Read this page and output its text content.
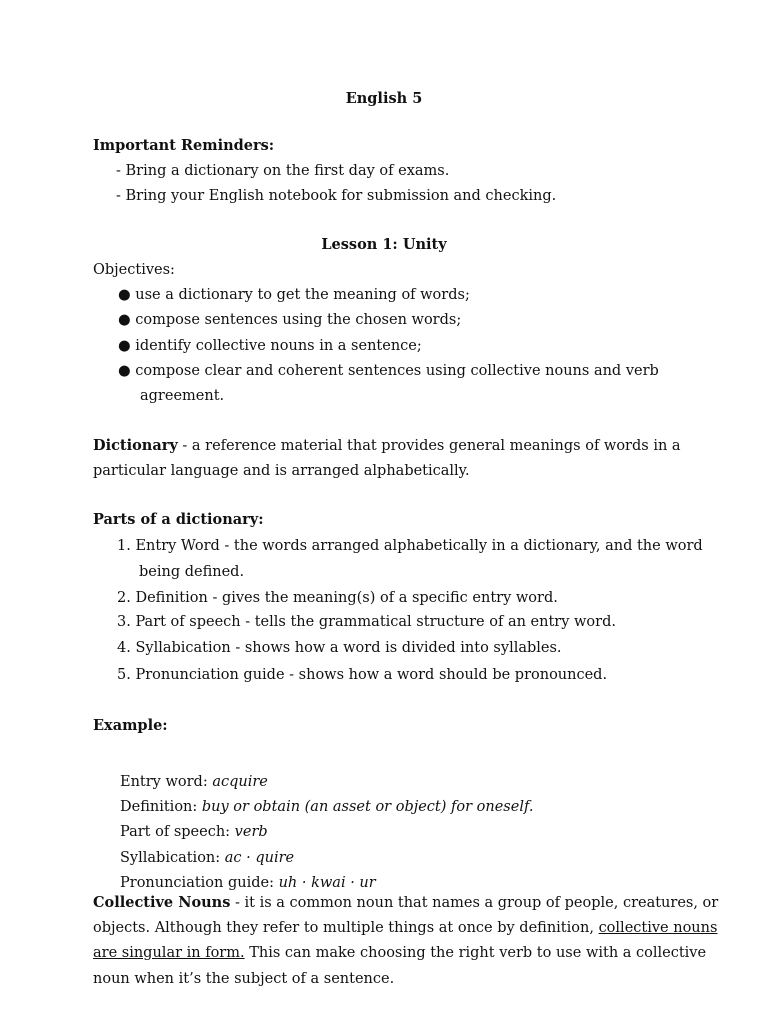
English 5
Important Reminders:
- Bring a dictionary on the first day of exams.
- Bring your English notebook for submission and checking.
Lesson 1: Unity
Objectives:
● use a dictionary to get the meaning of words;
● compose sentences using the chosen words;
● identify collective nouns in a sentence;
● compose clear and coherent sentences using collective nouns and verb
agreement.
Dictionary - a reference material that provides general meanings of words in a
particular language and is arranged alphabetically.
Parts of a dictionary:
1. Entry Word - the words arranged alphabetically in a dictionary, and the word
being defined.
2. Definition - gives the meaning(s) of a specific entry word.
3. Part of speech - tells the grammatical structure of an entry word.
4. Syllabication - shows how a word is divided into syllables.
5. Pronunciation guide - shows how a word should be pronounced.
Example:
Entry word: acquire
Definition: buy or obtain (an asset or object) for oneself.
Part of speech: verb
Syllabication: ac · quire
Pronunciation guide: uh · kwai · ur
Collective Nouns - it is a common noun that names a group of people, creatures, or
objects. Although they refer to multiple things at once by definition, collective nouns
are singular in form. This can make choosing the right verb to use with a collective
noun when it’s the subject of a sentence.
